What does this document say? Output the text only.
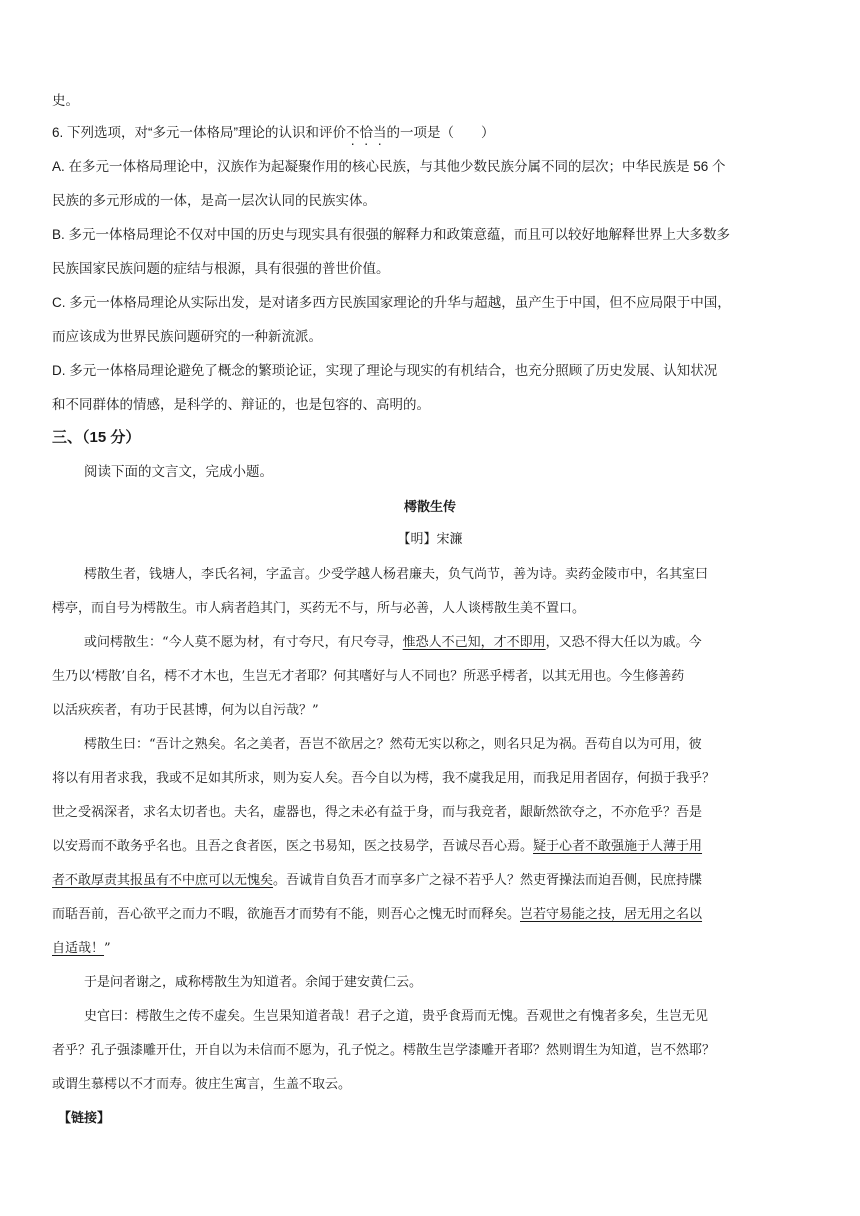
史。
6. 下列选项，对“多元一体格局”理论的认识和评价不恰当的一项是（　　）
A. 在多元一体格局理论中，汉族作为起凝聚作用的核心民族，与其他少数民族分属不同的层次；中华民族是 56 个
民族的多元形成的一体，是高一层次认同的民族实体。
B. 多元一体格局理论不仅对中国的历史与现实具有很强的解释力和政策意蕴，而且可以较好地解释世界上大多数多
民族国家民族问题的症结与根源，具有很强的普世价值。
C. 多元一体格局理论从实际出发，是对诸多西方民族国家理论的升华与超越，虽产生于中国，但不应局限于中国，
而应该成为世界民族问题研究的一种新流派。
D. 多元一体格局理论避免了概念的繁琐论证，实现了理论与现实的有机结合，也充分照顾了历史发展、认知状况
和不同群体的情感，是科学的、辩证的，也是包容的、高明的。
三、（15 分）
阅读下面的文言文，完成小题。
樗散生传
【明】宋濂
樗散生者，钱塘人，李氏名祠，字孟言。少受学越人杨君廉夫，负气尚节，善为诗。卖药金陵市中，名其室曰
樗亭，而自号为樗散生。市人病者趋其门，买药无不与，所与必善，人人谈樗散生美不置口。
或问樗散生：“今人莫不愿为材，有寸夸尺，有尺夸寻，惟恐人不己知，才不即用，又恐不得大任以为戚。今
生乃以‘樗散’自名，樗不才木也，生岂无才者耶？何其嗜好与人不同也？所恶乎樗者，以其无用也。今生修善药
以活疢疾者，有功于民甚博，何为以自污哉？”
樗散生曰：“吾计之熟矣。名之美者，吾岂不欲居之？然苟无实以称之，则名只足为祸。吾苟自以为可用，彼
将以有用者求我，我或不足如其所求，则为妄人矣。吾今自以为樗，我不虞我足用，而我足用者固存，何损于我乎？
世之受祸深者，求名太切者也。夫名，虚器也，得之未必有益于身，而与我竞者，龈龂然欲夺之，不亦危乎？吾是
以安焉而不敢务乎名也。且吾之食者医，医之书易知，医之技易学，吾诚尽吾心焉。疑于心者不敢强施于人薄于用
者不敢厚责其报虽有不中庶可以无愧矣。吾诚肯自负吾才而享多广之禄不若乎人？然吏胥操法而迫吾侧，民庶持牒
而聒吾前，吾心欲平之而力不暇，欲施吾才而势有不能，则吾心之愧无时而释矣。岂若守易能之技，居无用之名以
自适哉！”
于是问者谢之，咸称樗散生为知道者。余闻于建安黄仁云。
史官曰：樗散生之传不虚矣。生岂果知道者哉！君子之道，贵乎食焉而无愧。吾观世之有愧者多矣，生岂无见
者乎？孔子强漆雕开仕，开自以为未信而不愿为，孔子悦之。樗散生岂学漆雕开者耶？然则谓生为知道，岂不然耶？
或谓生慕樗以不才而寿。彼庄生寓言，生盖不取云。
【链接】
